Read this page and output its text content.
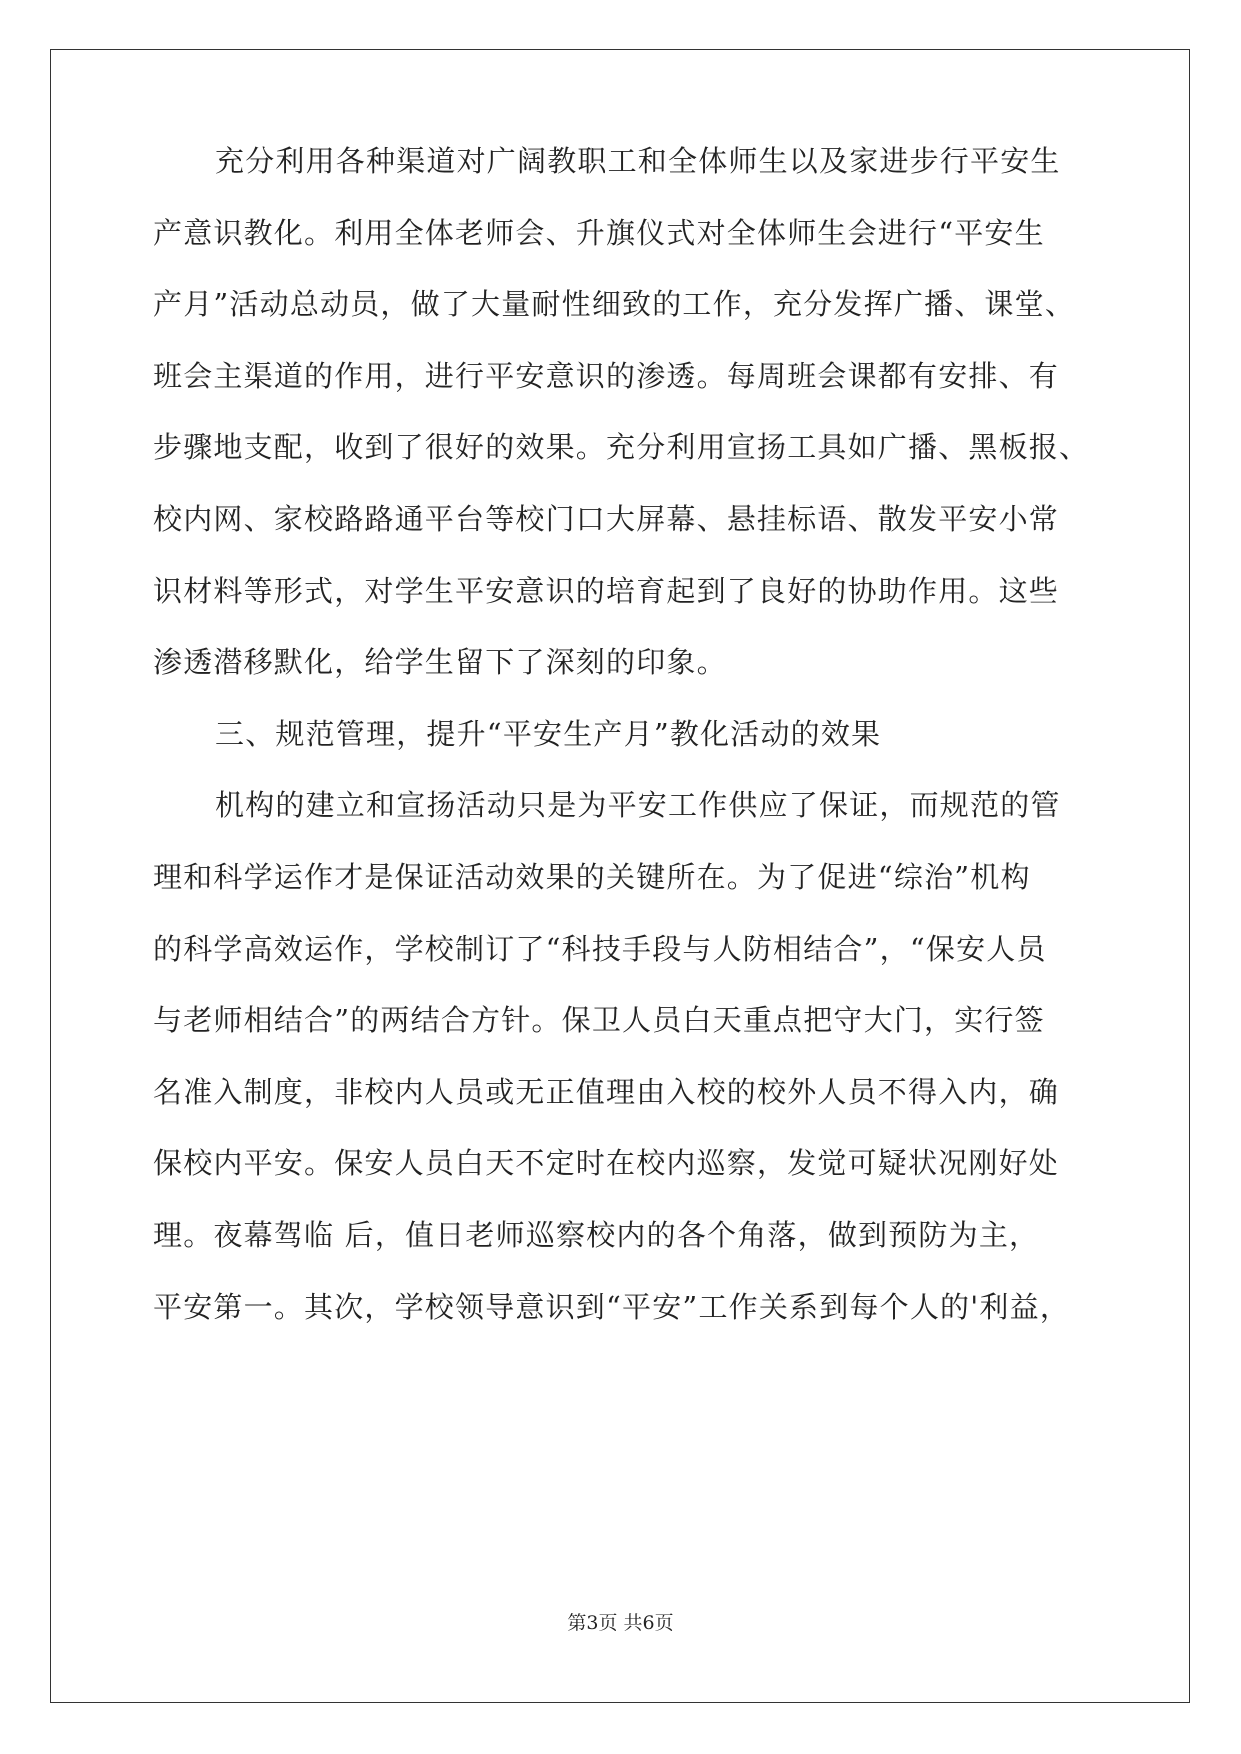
充分利用各种渠道对广阔教职工和全体师生以及家进步行平安生
产意识教化。利用全体老师会、升旗仪式对全体师生会进行“平安生
产月”活动总动员，做了大量耐性细致的工作，充分发挥广播、课堂、
班会主渠道的作用，进行平安意识的渗透。每周班会课都有安排、有
步骤地支配，收到了很好的效果。充分利用宣扬工具如广播、黑板报、
校内网、家校路路通平台等校门口大屏幕、悬挂标语、散发平安小常
识材料等形式，对学生平安意识的培育起到了良好的协助作用。这些
渗透潜移默化，给学生留下了深刻的印象。
三、规范管理，提升“平安生产月”教化活动的效果
机构的建立和宣扬活动只是为平安工作供应了保证，而规范的管
理和科学运作才是保证活动效果的关键所在。为了促进“综治”机构
的科学高效运作，学校制订了“科技手段与人防相结合”，“保安人员
与老师相结合”的两结合方针。保卫人员白天重点把守大门，实行签
名准入制度，非校内人员或无正值理由入校的校外人员不得入内，确
保校内平安。保安人员白天不定时在校内巡察，发觉可疑状况刚好处
理。夜幕驾临 后，值日老师巡察校内的各个角落，做到预防为主，
平安第一。其次，学校领导意识到“平安”工作关系到每个人的'利益，
第3页 共6页
